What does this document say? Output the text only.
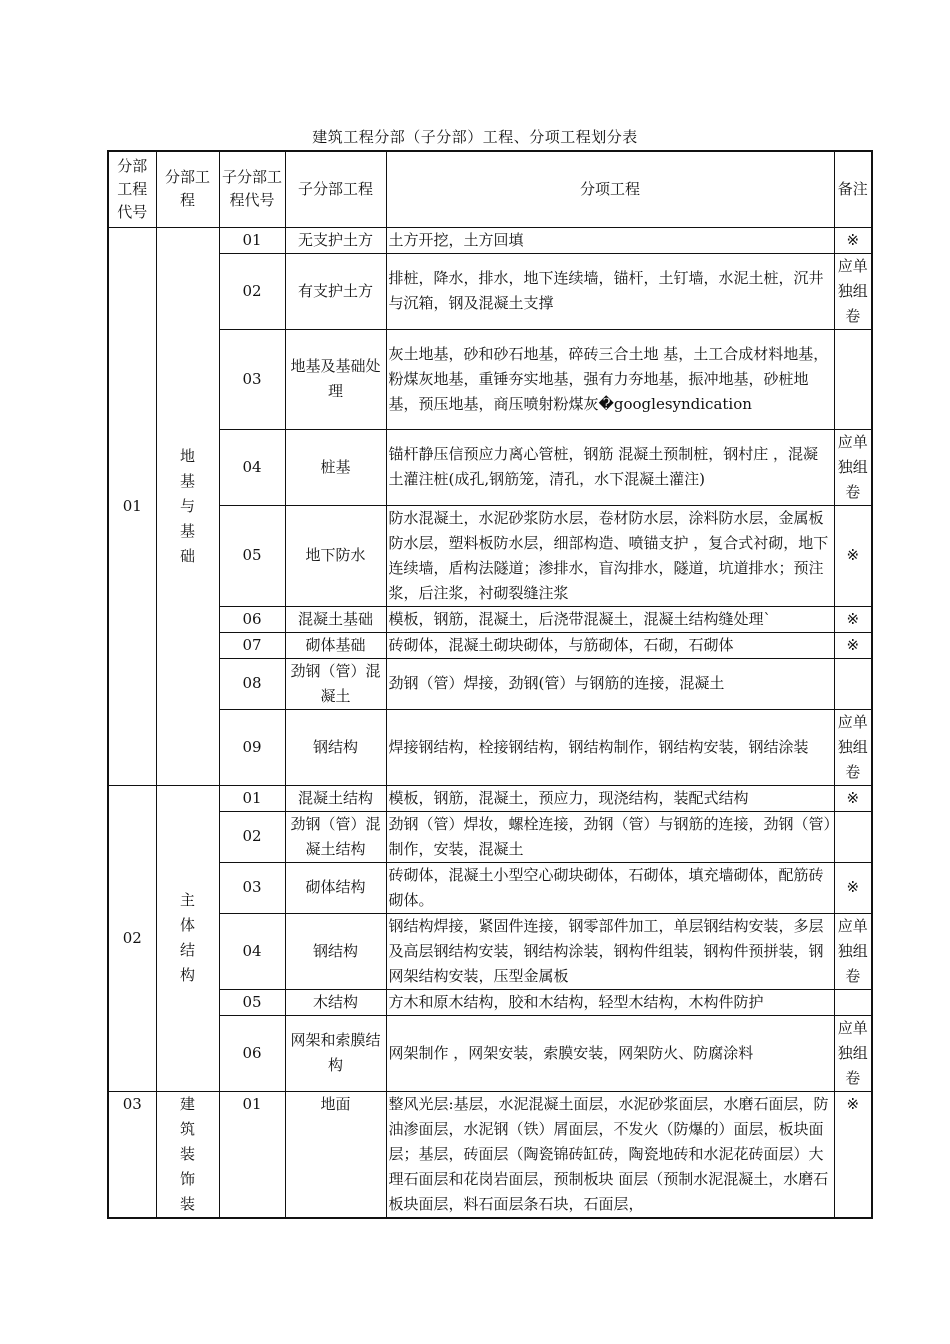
建筑工程分部（子分部）工程、分项工程划分表
分部工程代号	分部工程	子分部工程代号	子分部工程	分项工程	备注
01	地基与基础	01	无支护土方	土方开挖，土方回填	※
		02	有支护土方	排桩，降水，排水，地下连续墙，锚杆，土钉墙，水泥土桩，沉井与沉箱，钢及混凝土支撑	应单独组卷
		03	地基及基础处理	灰土地基，砂和砂石地基，碎砖三合土地 基，土工合成材料地基，粉煤灰地基，重锤夯实地基，强有力夯地基，振冲地基，砂桩地基，预压地基，商压喷射粉煤灰�googlesyndication	
		04	桩基	锚杆静压信预应力离心管桩，钢筋 混凝土预制桩，钢村庄 ，混凝土灌注桩(成孔,钢筋笼，清孔，水下混凝土灌注)	应单独组卷
		05	地下防水	防水混凝土，水泥砂浆防水层，卷材防水层，涂料防水层，金属板防水层，塑料板防水层，细部构造、喷锚支护 ，复合式衬砌，地下连续墙，盾构法隧道；渗排水，盲沟排水，隧道，坑道排水；预注浆，后注浆，衬砌裂缝注浆	※
		06	混凝土基础	模板，钢筋，混凝土，后浇带混凝土，混凝土结构缝处理`	※
		07	砌体基础	砖砌体，混凝土砌块砌体，与筋砌体，石砌，石砌体	※
		08	劲钢（管）混凝土	劲钢（管）焊接，劲钢(管）与钢筋的连接，混凝土	
		09	钢结构	焊接钢结构，栓接钢结构，钢结构制作，钢结构安装，钢结涂装	应单独组卷
02	主体结构	01	混凝土结构	模板，钢筋，混凝土，预应力，现浇结构，装配式结构	※
		02	劲钢（管）混凝土结构	劲钢（管）焊妆，螺栓连接，劲钢（管）与钢筋的连接，劲钢（管）制作，安装，混凝土	
		03	砌体结构	砖砌体，混凝土小型空心砌块砌体，石砌体，填充墙砌体，配筋砖砌体。	※
		04	钢结构	钢结构焊接，紧固件连接，钢零部件加工，单层钢结构安装，多层及高层钢结构安装，钢结构涂装，钢构件组装，钢构件预拼装，钢网架结构安装，压型金属板	应单独组卷
		05	木结构	方木和原木结构，胶和木结构，轻型木结构，木构件防护	
		06	网架和索膜结构	网架制作 ，网架安装，索膜安装，网架防火、防腐涂料	应单独组卷
03	建筑装饰装	01	地面	整风光层:基层，水泥混凝土面层，水泥砂浆面层，水磨石面层，防油渗面层，水泥钢（铁）屑面层，不发火（防爆的）面层，板块面层；基层，砖面层（陶瓷锦砖缸砖，陶瓷地砖和水泥花砖面层）大理石面层和花岗岩面层，预制板块 面层（预制水泥混凝土，水磨石板块面层，料石面层条石块，石面层，	※
